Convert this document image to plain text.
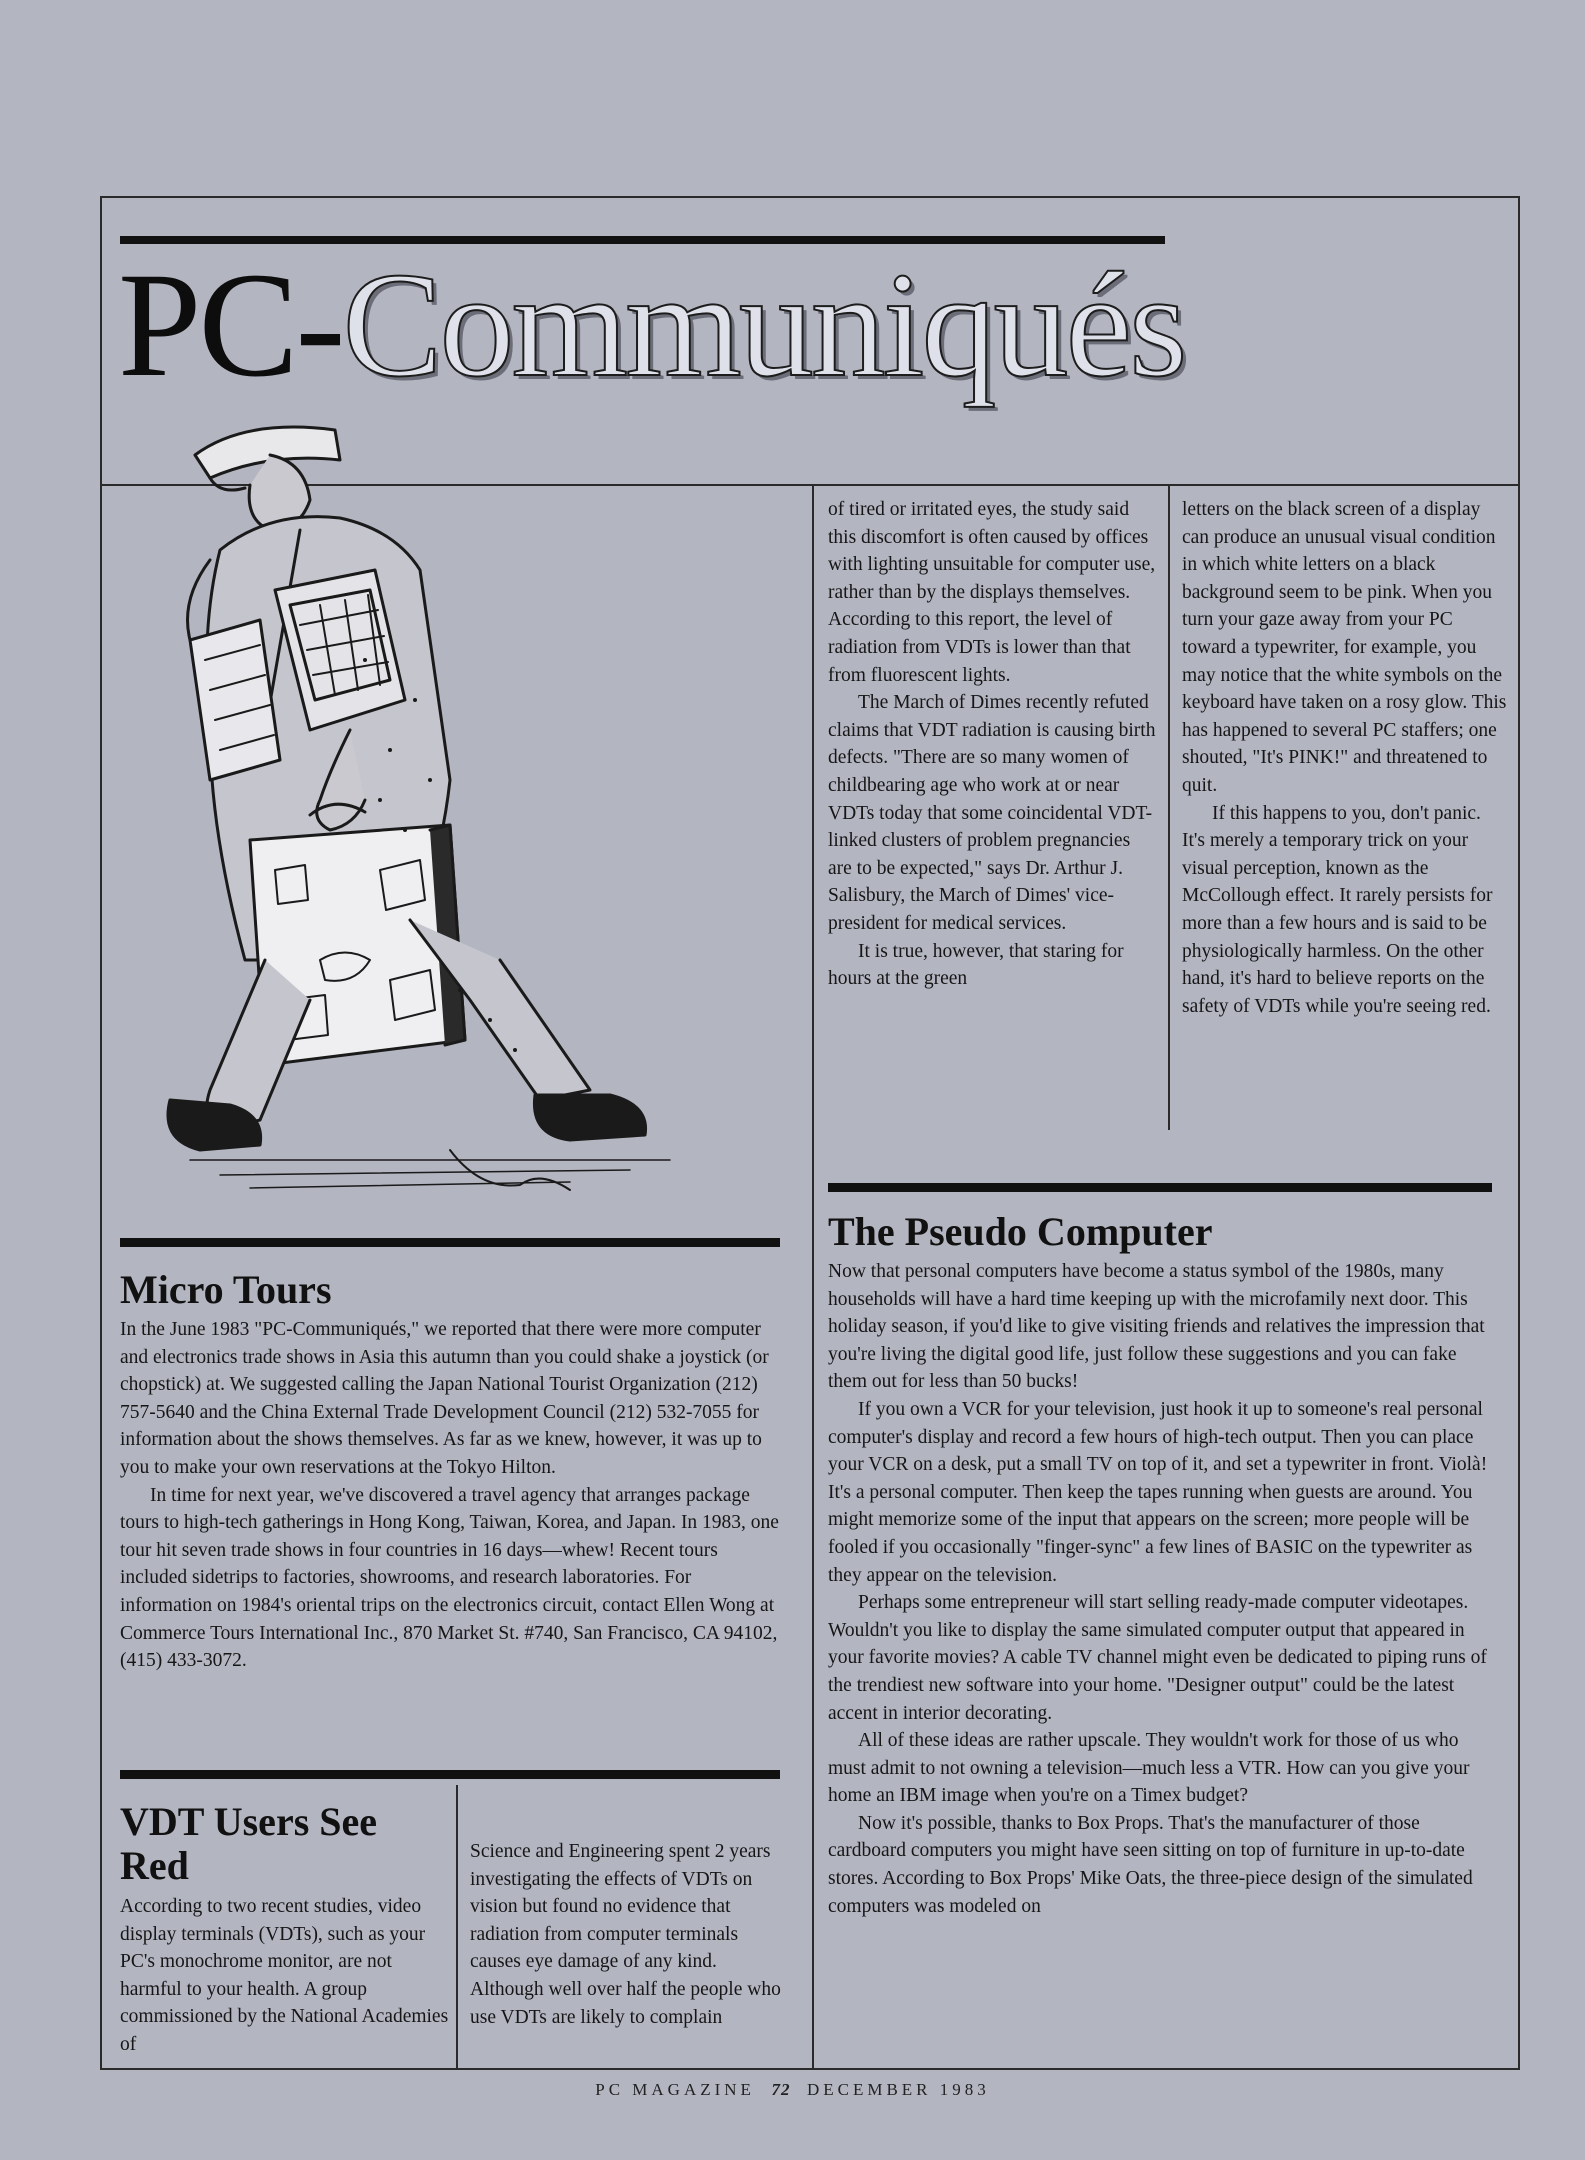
PC-Communiqués

of tired or irritated eyes, the study said this discomfort is often caused by offices with lighting unsuitable for computer use, rather than by the displays themselves. According to this report, the level of radiation from VDTs is lower than that from fluorescent lights.

The March of Dimes recently refuted claims that VDT radiation is causing birth defects. "There are so many women of childbearing age who work at or near VDTs today that some coincidental VDT-linked clusters of problem pregnancies are to be expected," says Dr. Arthur J. Salisbury, the March of Dimes' vice-president for medical services.

It is true, however, that staring for hours at the green

letters on the black screen of a display can produce an unusual visual condition in which white letters on a black background seem to be pink. When you turn your gaze away from your PC toward a typewriter, for example, you may notice that the white symbols on the keyboard have taken on a rosy glow. This has happened to several PC staffers; one shouted, "It's PINK!" and threatened to quit.

If this happens to you, don't panic. It's merely a temporary trick on your visual perception, known as the McCollough effect. It rarely persists for more than a few hours and is said to be physiologically harmless. On the other hand, it's hard to believe reports on the safety of VDTs while you're seeing red.

Micro Tours

In the June 1983 "PC-Communiqués," we reported that there were more computer and electronics trade shows in Asia this autumn than you could shake a joystick (or chopstick) at. We suggested calling the Japan National Tourist Organization (212) 757-5640 and the China External Trade Development Council (212) 532-7055 for information about the shows themselves. As far as we knew, however, it was up to you to make your own reservations at the Tokyo Hilton.

In time for next year, we've discovered a travel agency that arranges package tours to high-tech gatherings in Hong Kong, Taiwan, Korea, and Japan. In 1983, one tour hit seven trade shows in four countries in 16 days—whew! Recent tours included sidetrips to factories, showrooms, and research laboratories. For information on 1984's oriental trips on the electronics circuit, contact Ellen Wong at Commerce Tours International Inc., 870 Market St. #740, San Francisco, CA 94102, (415) 433-3072.

VDT Users See Red

According to two recent studies, video display terminals (VDTs), such as your PC's monochrome monitor, are not harmful to your health. A group commissioned by the National Academies of

Science and Engineering spent 2 years investigating the effects of VDTs on vision but found no evidence that radiation from computer terminals causes eye damage of any kind. Although well over half the people who use VDTs are likely to complain

The Pseudo Computer

Now that personal computers have become a status symbol of the 1980s, many households will have a hard time keeping up with the microfamily next door. This holiday season, if you'd like to give visiting friends and relatives the impression that you're living the digital good life, just follow these suggestions and you can fake them out for less than 50 bucks!

If you own a VCR for your television, just hook it up to someone's real personal computer's display and record a few hours of high-tech output. Then you can place your VCR on a desk, put a small TV on top of it, and set a typewriter in front. Violà! It's a personal computer. Then keep the tapes running when guests are around. You might memorize some of the input that appears on the screen; more people will be fooled if you occasionally "finger-sync" a few lines of BASIC on the typewriter as they appear on the television.

Perhaps some entrepreneur will start selling ready-made computer videotapes. Wouldn't you like to display the same simulated computer output that appeared in your favorite movies? A cable TV channel might even be dedicated to piping runs of the trendiest new software into your home. "Designer output" could be the latest accent in interior decorating.

All of these ideas are rather upscale. They wouldn't work for those of us who must admit to not owning a television—much less a VTR. How can you give your home an IBM image when you're on a Timex budget?

Now it's possible, thanks to Box Props. That's the manufacturer of those cardboard computers you might have seen sitting on top of furniture in up-to-date stores. According to Box Props' Mike Oats, the three-piece design of the simulated computers was modeled on

PC MAGAZINE 72 DECEMBER 1983
